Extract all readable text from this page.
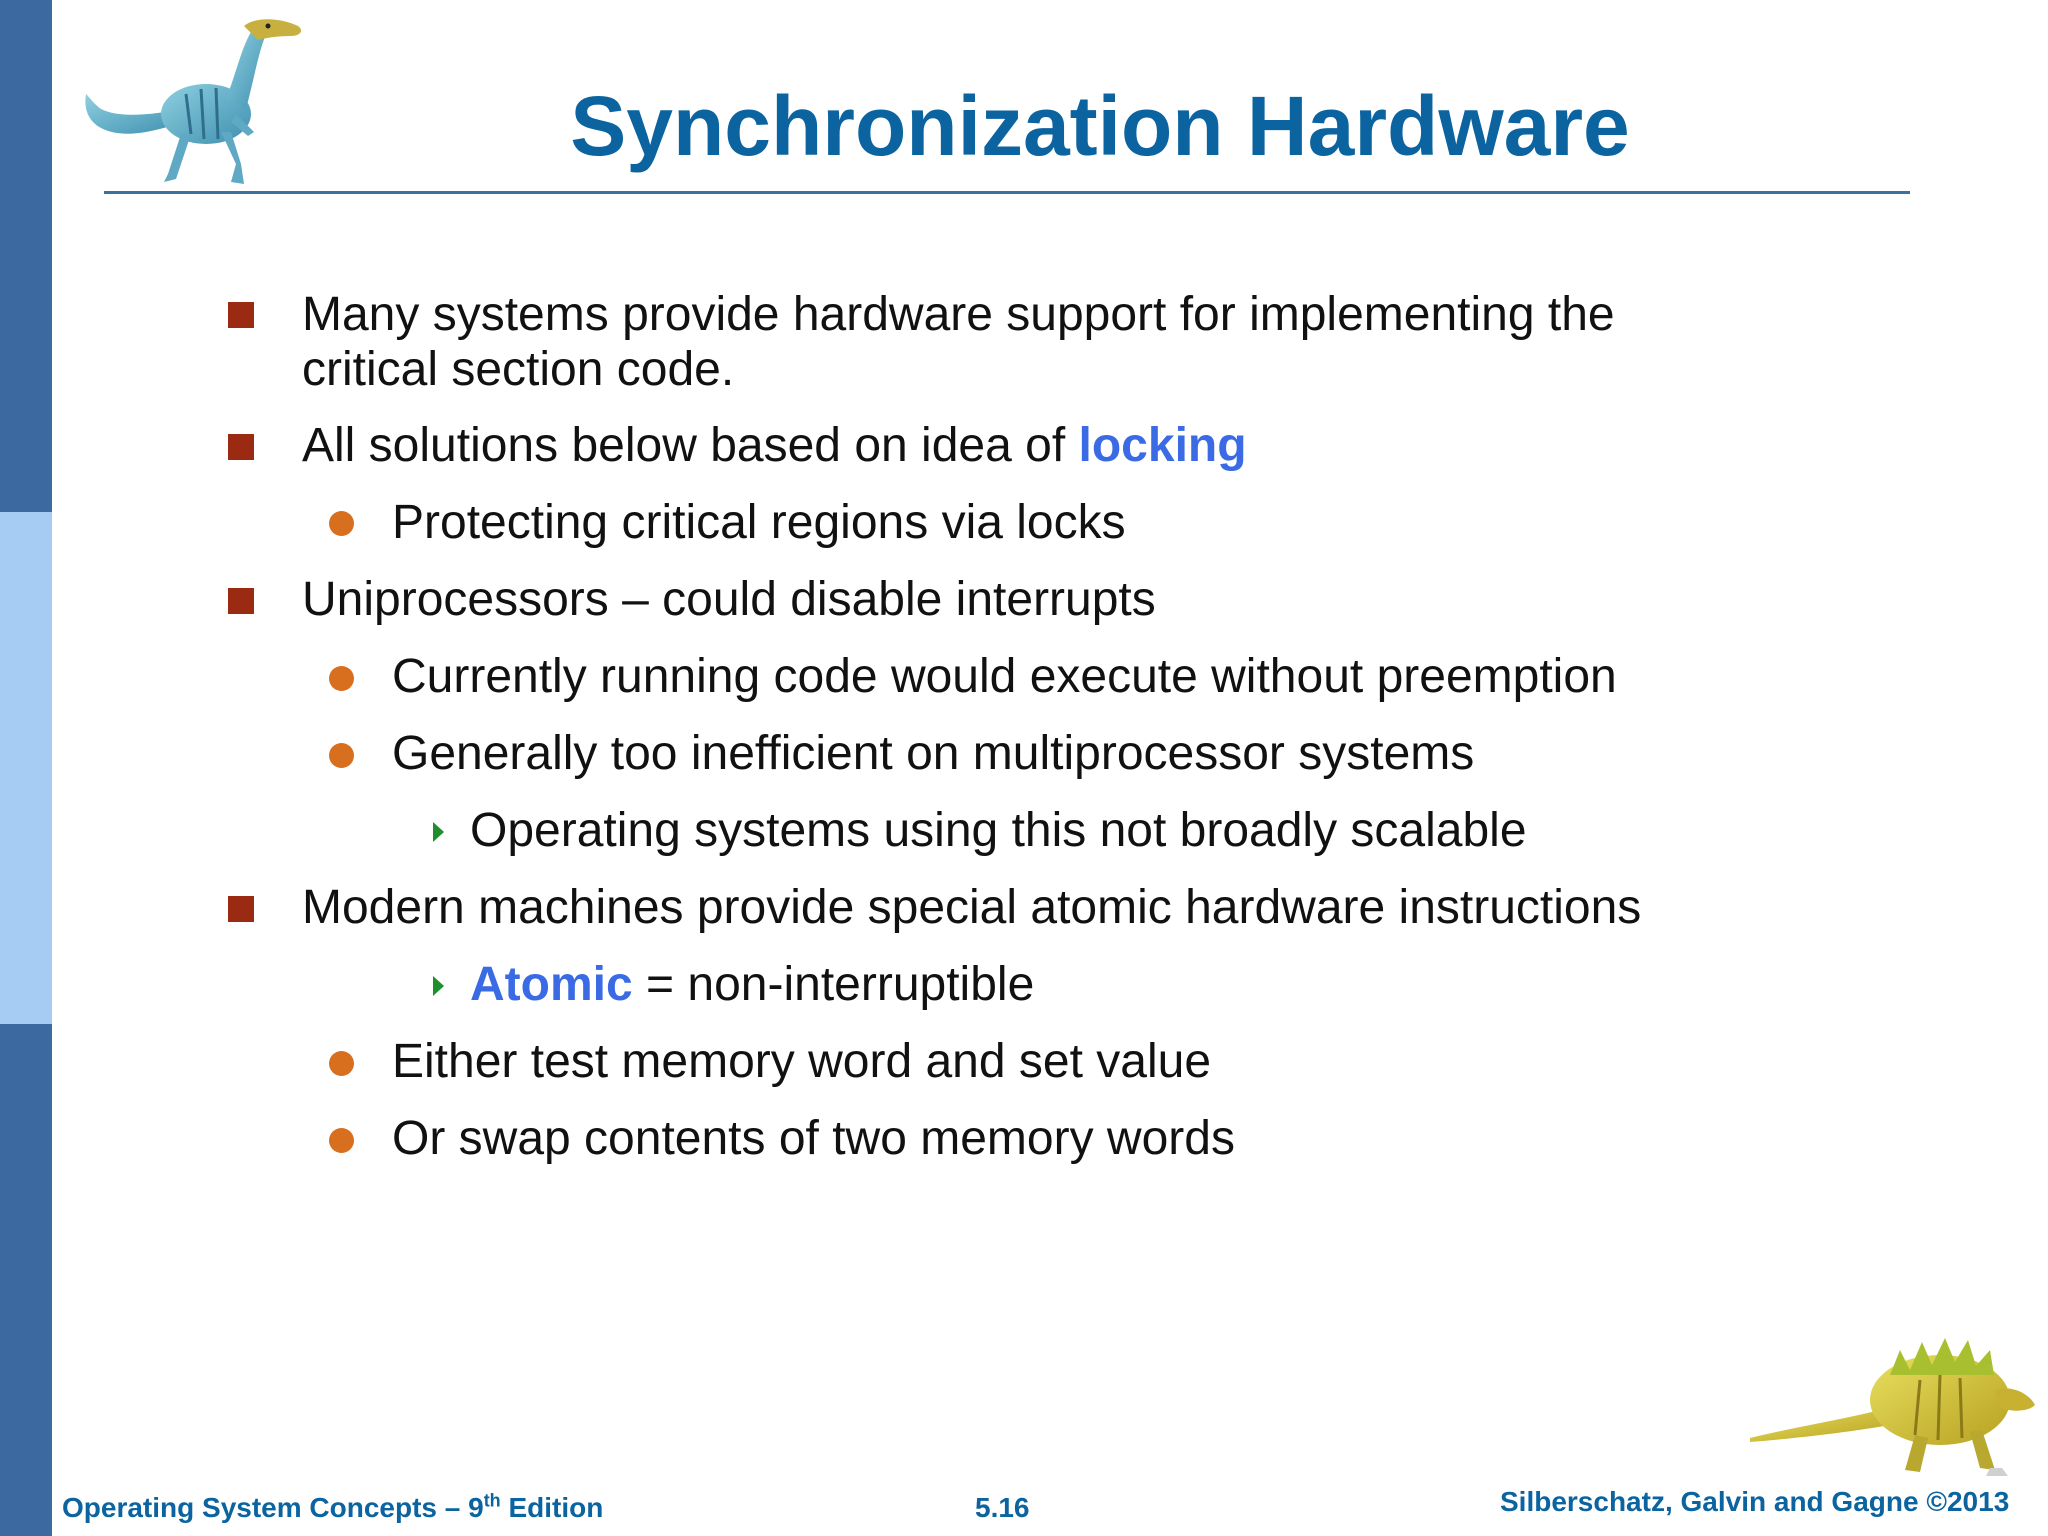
Synchronization Hardware
Many systems provide hardware support for implementing the
critical section code.
All solutions below based on idea of locking
Protecting critical regions via locks
Uniprocessors – could disable interrupts
Currently running code would execute without preemption
Generally too inefficient on multiprocessor systems
Operating systems using this not broadly scalable
Modern machines provide special atomic hardware instructions
Atomic = non-interruptible
Either test memory word and set value
Or swap contents of two memory words
Operating System Concepts – 9th Edition	5.16	Silberschatz, Galvin and Gagne ©2013
